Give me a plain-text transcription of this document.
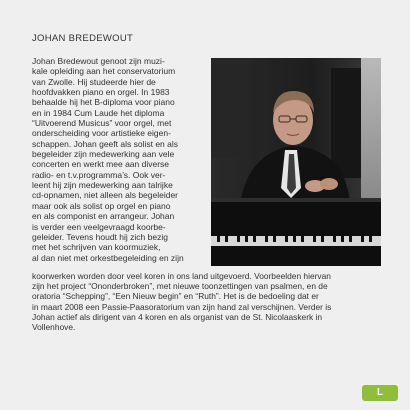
JOHAN BREDEWOUT
Johan Bredewout genoot zijn muzi-
kale opleiding aan het conservatorium
van Zwolle. Hij studeerde hier de
hoofdvakken piano en orgel. In 1983
behaalde hij het B-diploma voor piano
en in 1984 Cum Laude het diploma
“Uitvoerend Musicus” voor orgel, met
onderscheiding voor artistieke eigen-
schappen. Johan geeft als solist en als
begeleider zijn medewerking aan vele
concerten en werkt mee aan diverse
radio- en t.v.programma’s. Ook ver-
leent hij zijn medewerking aan talrijke
cd-opnamen, niet alleen als begeleider
maar ook als solist op orgel en piano
en als componist en arrangeur. Johan
is verder een veelgevraagd koorbe-
geleider. Tevens houdt hij zich bezig
met het schrijven van koormuziek,
al dan niet met orkestbegeleiding en zijn
koorwerken worden door veel koren in ons land uitgevoerd. Voorbeelden hiervan
zijn het project “Ononderbroken”, met nieuwe toonzettingen van psalmen, en de
oratoria “Schepping”, “Een Nieuw begin” en “Ruth”. Het is de bedoeling dat er
in maart 2008 een Passie-Paasoratorium van zijn hand zal verschijnen. Verder is
Johan actief als dirigent van 4 koren en als organist van de St. Nicolaaskerk in
Vollenhove.
L
